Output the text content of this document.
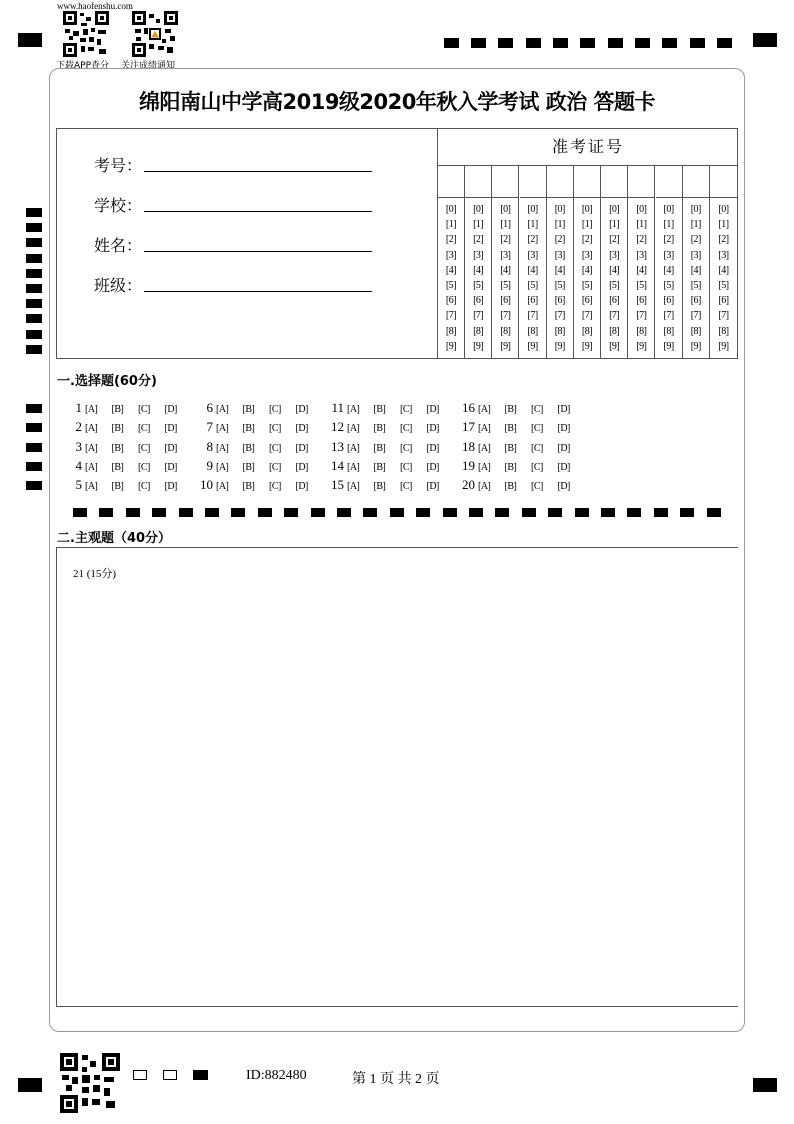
www.haofenshu.com
下载APP查分 关注成绩通知
绵阳南山中学高2019级2020年秋入学考试 政治 答题卡
考号：
学校：
姓名：
班级：
准考证号
[0]
[1]
[2]
[3]
[4]
[5]
[6]
[7]
[8]
[9]
[0]
[1]
[2]
[3]
[4]
[5]
[6]
[7]
[8]
[9]
[0]
[1]
[2]
[3]
[4]
[5]
[6]
[7]
[8]
[9]
[0]
[1]
[2]
[3]
[4]
[5]
[6]
[7]
[8]
[9]
[0]
[1]
[2]
[3]
[4]
[5]
[6]
[7]
[8]
[9]
[0]
[1]
[2]
[3]
[4]
[5]
[6]
[7]
[8]
[9]
[0]
[1]
[2]
[3]
[4]
[5]
[6]
[7]
[8]
[9]
[0]
[1]
[2]
[3]
[4]
[5]
[6]
[7]
[8]
[9]
[0]
[1]
[2]
[3]
[4]
[5]
[6]
[7]
[8]
[9]
[0]
[1]
[2]
[3]
[4]
[5]
[6]
[7]
[8]
[9]
[0]
[1]
[2]
[3]
[4]
[5]
[6]
[7]
[8]
[9]
一.选择题(60分)
1 [A] [B] [C] [D]
2 [A] [B] [C] [D]
3 [A] [B] [C] [D]
4 [A] [B] [C] [D]
5 [A] [B] [C] [D]
6 [A] [B] [C] [D]
7 [A] [B] [C] [D]
8 [A] [B] [C] [D]
9 [A] [B] [C] [D]
10 [A] [B] [C] [D]
11 [A] [B] [C] [D]
12 [A] [B] [C] [D]
13 [A] [B] [C] [D]
14 [A] [B] [C] [D]
15 [A] [B] [C] [D]
16 [A] [B] [C] [D]
17 [A] [B] [C] [D]
18 [A] [B] [C] [D]
19 [A] [B] [C] [D]
20 [A] [B] [C] [D]
二.主观题（40分）
21 (15分)
ID:882480	第 1 页 共 2 页
